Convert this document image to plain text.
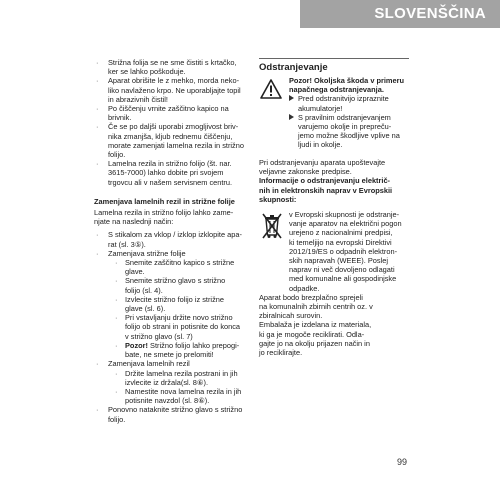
SLOVENŠČINA
· Strižna folija se ne sme čistiti s krtačko,
ker se lahko poškoduje.
· Aparat obrišite le z mehko, morda neko-
liko navlaženo krpo. Ne uporabljajte topil
in abrazivnih čistil!
· Po čiščenju vrnite zaščitno kapico na
brivnik.
· Če se po daljši uporabi zmogljivost briv-
nika zmanjša, kljub rednemu čiščenju,
morate zamenjati lamelna rezila in strižno
folijo.
· Lamelna rezila in strižno folijo (št. nar.
3615-7000) lahko dobite pri svojem
trgovcu ali v našem servisnem centru.
Zamenjava lamelnih rezil in strižne folije

Lamelna rezila in strižno folijo lahko zame-
njate na naslednji način:

· S stikalom za vklop / izklop izklopite apa-
rat (sl. 3⑤).
· Zamenjava strižne folije
· Snemite zaščitno kapico s strižne
glave.
· Snemite strižno glavo s strižno
folijo (sl. 4).
· Izvlecite strižno folijo iz strižne
glave (sl. 6).
· Pri vstavljanju držite novo strižno
folijo ob strani in potisnite do konca
v strižno glavo (sl. 7)
· Pozor! Strižno folijo lahko prepogi-
bate, ne smete jo prelomiti!
· Zamenjava lamelnih rezil
· Držite lamelna rezila postrani in jih
izvlecite iz držala(sl. 8⑥).
· Namestite nova lamelna rezila in jih
potisnite navzdol (sl. 8⑥).
· Ponovno nataknite strižno glavo s strižno
folijo.
Odstranjevanje
Pozor! Okoljska škoda v primeru
napačnega odstranjevanja.
Pred odstranitvijo izpraznite
akumulatorje!
S pravilnim odstranjevanjem
varujemo okolje in prepreču-
jemo možne škodljive vplive na
ljudi in okolje.

Pri odstranjevanju aparata upoštevajte
veljavne zakonske predpise.

Informacije o odstranjevanju električ-
nih in elektronskih naprav v Evropskii
skupnosti:

v Evropski skupnosti je odstranje-
vanje aparatov na električni pogon
urejeno z nacionalnimi predpisi,
ki temeljijo na evropski Direktivi
2012/19/ES o odpadnih elektron-
skih napravah (WEEE). Poslej
naprav ni več dovoljeno odlagati
med komunalne ali gospodinjske
odpadke.

Aparat bodo brezplačno sprejeli
na komunalnih zbirnih centrih oz. v
zbiralnicah surovin.

Embalaža je izdelana iz materiala,
ki ga je mogoče reciklirati. Odla-
gajte jo na okolju prijazen način in
jo reciklirajte.

99
